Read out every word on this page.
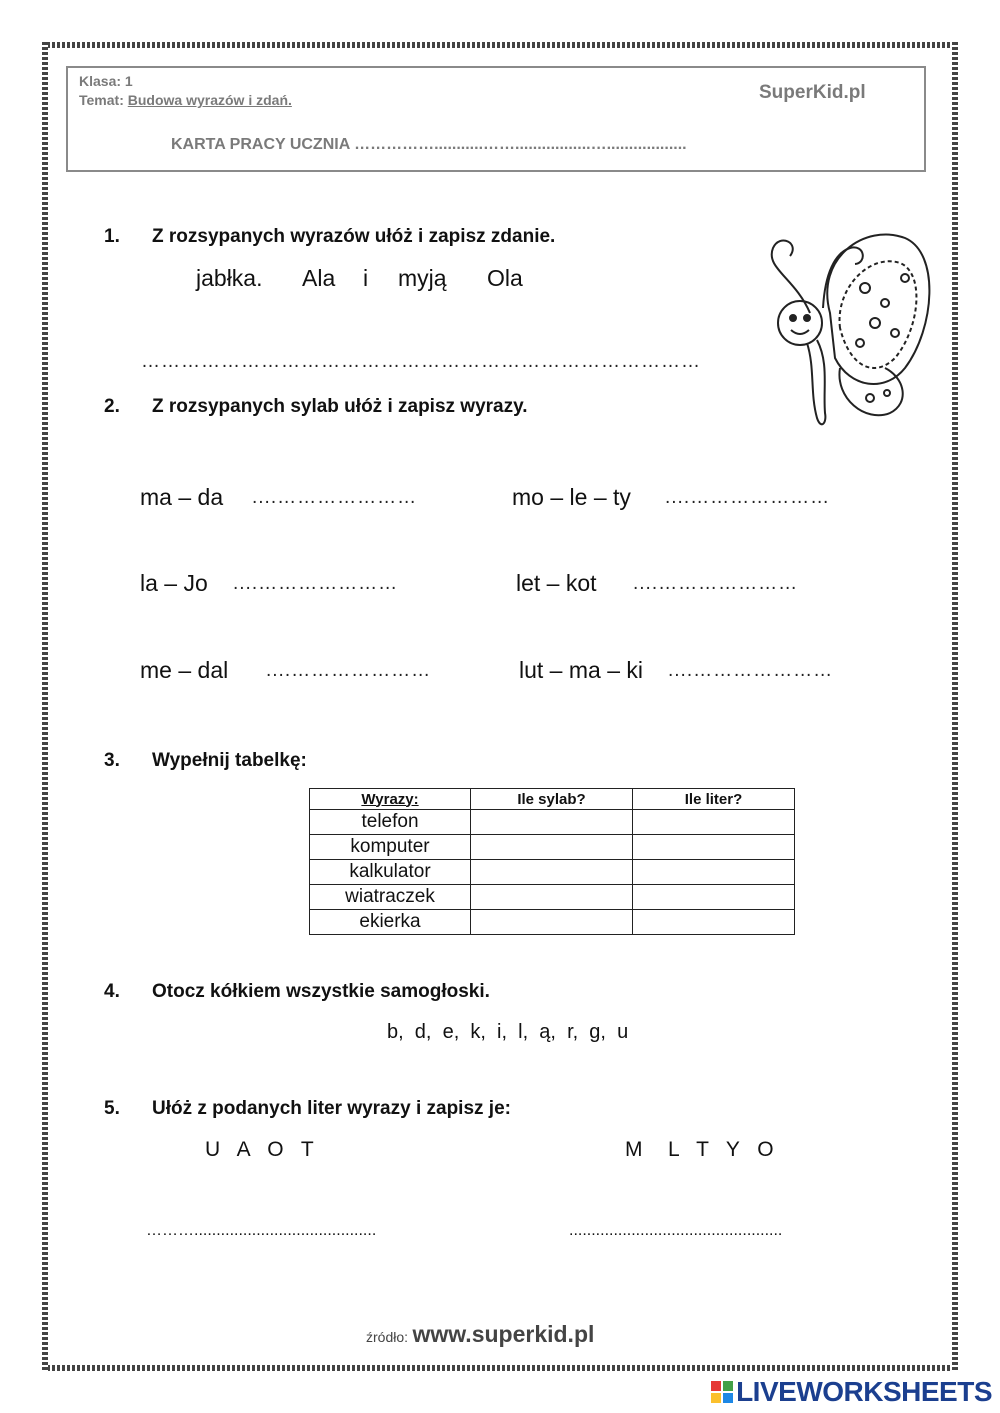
Klasa: 1
Temat: Budowa wyrazów i zdań.	SuperKid.pl
KARTA PRACY UCZNIA ……………...........…….................…..................
1. Z rozsypanych wyrazów ułóż i zapisz zdanie.
jabłka. Ala i myją Ola
…………………………………………………………………………
2. Z rozsypanych sylab ułóż i zapisz wyrazy.
ma – da ....…………………	mo – le – ty ....…………………
la – Jo ....…………………	let – kot ....…………………
me – dal ....…………………	lut – ma – ki ....…………………
3. Wypełnij tabelkę:
Wyrazy:	Ile sylab?	Ile liter?
telefon		
komputer		
kalkulator		
wiatraczek		
ekierka		
4. Otocz kółkiem wszystkie samogłoski.
b,  d,  e,  k,  i,  l,  ą,  r,  g,  u
5. Ułóż z podanych liter wyrazy i zapisz je:
U  A  O  T	M   L  T  Y  O
……….........................................	................................................
źródło: www.superkid.pl
LIVEWORKSHEETS
